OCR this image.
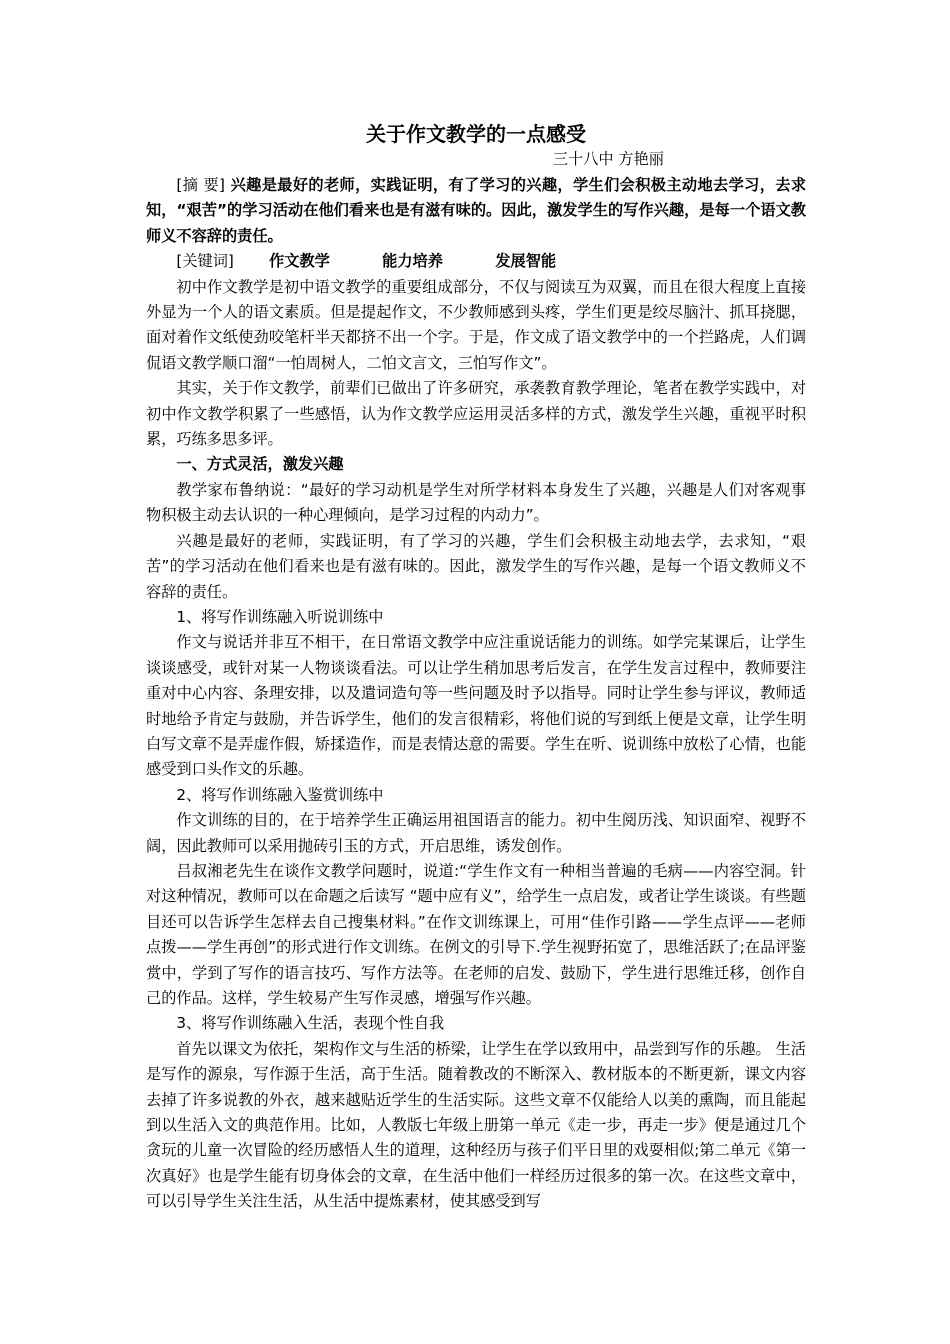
关于作文教学的一点感受
三十八中 方艳丽

[摘 要] 兴趣是最好的老师，实践证明，有了学习的兴趣，学生们会积极主动地去学习，去求知，“艰苦”的学习活动在他们看来也是有滋有味的。因此，激发学生的写作兴趣，是每一个语文教师义不容辞的责任。

[关键词] 作文教学	能力培养	发展智能

初中作文教学是初中语文教学的重要组成部分，不仅与阅读互为双翼，而且在很大程度上直接外显为一个人的语文素质。但是提起作文，不少教师感到头疼，学生们更是绞尽脑汁、抓耳挠腮，面对着作文纸使劲咬笔杆半天都挤不出一个字。于是，作文成了语文教学中的一个拦路虎，人们调侃语文教学顺口溜“一怕周树人，二怕文言文，三怕写作文”。

其实，关于作文教学，前辈们已做出了许多研究，承袭教育教学理论，笔者在教学实践中，对初中作文教学积累了一些感悟，认为作文教学应运用灵活多样的方式，激发学生兴趣，重视平时积累，巧练多思多评。

一、方式灵活，激发兴趣

教学家布鲁纳说：“最好的学习动机是学生对所学材料本身发生了兴趣，兴趣是人们对客观事物积极主动去认识的一种心理倾向，是学习过程的内动力”。

兴趣是最好的老师，实践证明，有了学习的兴趣，学生们会积极主动地去学，去求知，“艰苦”的学习活动在他们看来也是有滋有味的。因此，激发学生的写作兴趣，是每一个语文教师义不容辞的责任。

1、将写作训练融入听说训练中

作文与说话并非互不相干，在日常语文教学中应注重说话能力的训练。如学完某课后，让学生谈谈感受，或针对某一人物谈谈看法。可以让学生稍加思考后发言，在学生发言过程中，教师要注重对中心内容、条理安排，以及遣词造句等一些问题及时予以指导。同时让学生参与评议，教师适时地给予肯定与鼓励，并告诉学生，他们的发言很精彩，将他们说的写到纸上便是文章，让学生明白写文章不是弄虚作假，矫揉造作，而是表情达意的需要。学生在听、说训练中放松了心情，也能感受到口头作文的乐趣。

2、将写作训练融入鉴赏训练中

作文训练的目的，在于培养学生正确运用祖国语言的能力。初中生阅历浅、知识面窄、视野不阔，因此教师可以采用抛砖引玉的方式，开启思维，诱发创作。

吕叔湘老先生在谈作文教学问题时，说道:“学生作文有一种相当普遍的毛病——内容空洞。针对这种情况，教师可以在命题之后读写 “题中应有义”，给学生一点启发，或者让学生谈谈。有些题目还可以告诉学生怎样去自己搜集材料。”在作文训练课上，可用“佳作引路——学生点评——老师点拨——学生再创”的形式进行作文训练。在例文的引导下.学生视野拓宽了，思维活跃了;在品评鉴赏中，学到了写作的语言技巧、写作方法等。在老师的启发、鼓励下，学生进行思维迁移，创作自己的作品。这样，学生较易产生写作灵感，增强写作兴趣。

3、将写作训练融入生活，表现个性自我

首先以课文为依托，架构作文与生活的桥梁，让学生在学以致用中，品尝到写作的乐趣。 生活是写作的源泉，写作源于生活，高于生活。随着教改的不断深入、教材版本的不断更新，课文内容去掉了许多说教的外衣，越来越贴近学生的生活实际。这些文章不仅能给人以美的熏陶，而且能起到以生活入文的典范作用。比如，人教版七年级上册第一单元《走一步，再走一步》便是通过几个贪玩的儿童一次冒险的经历感悟人生的道理，这种经历与孩子们平日里的戏耍相似;第二单元《第一次真好》也是学生能有切身体会的文章，在生活中他们一样经历过很多的第一次。在这些文章中，可以引导学生关注生活，从生活中提炼素材，使其感受到写
